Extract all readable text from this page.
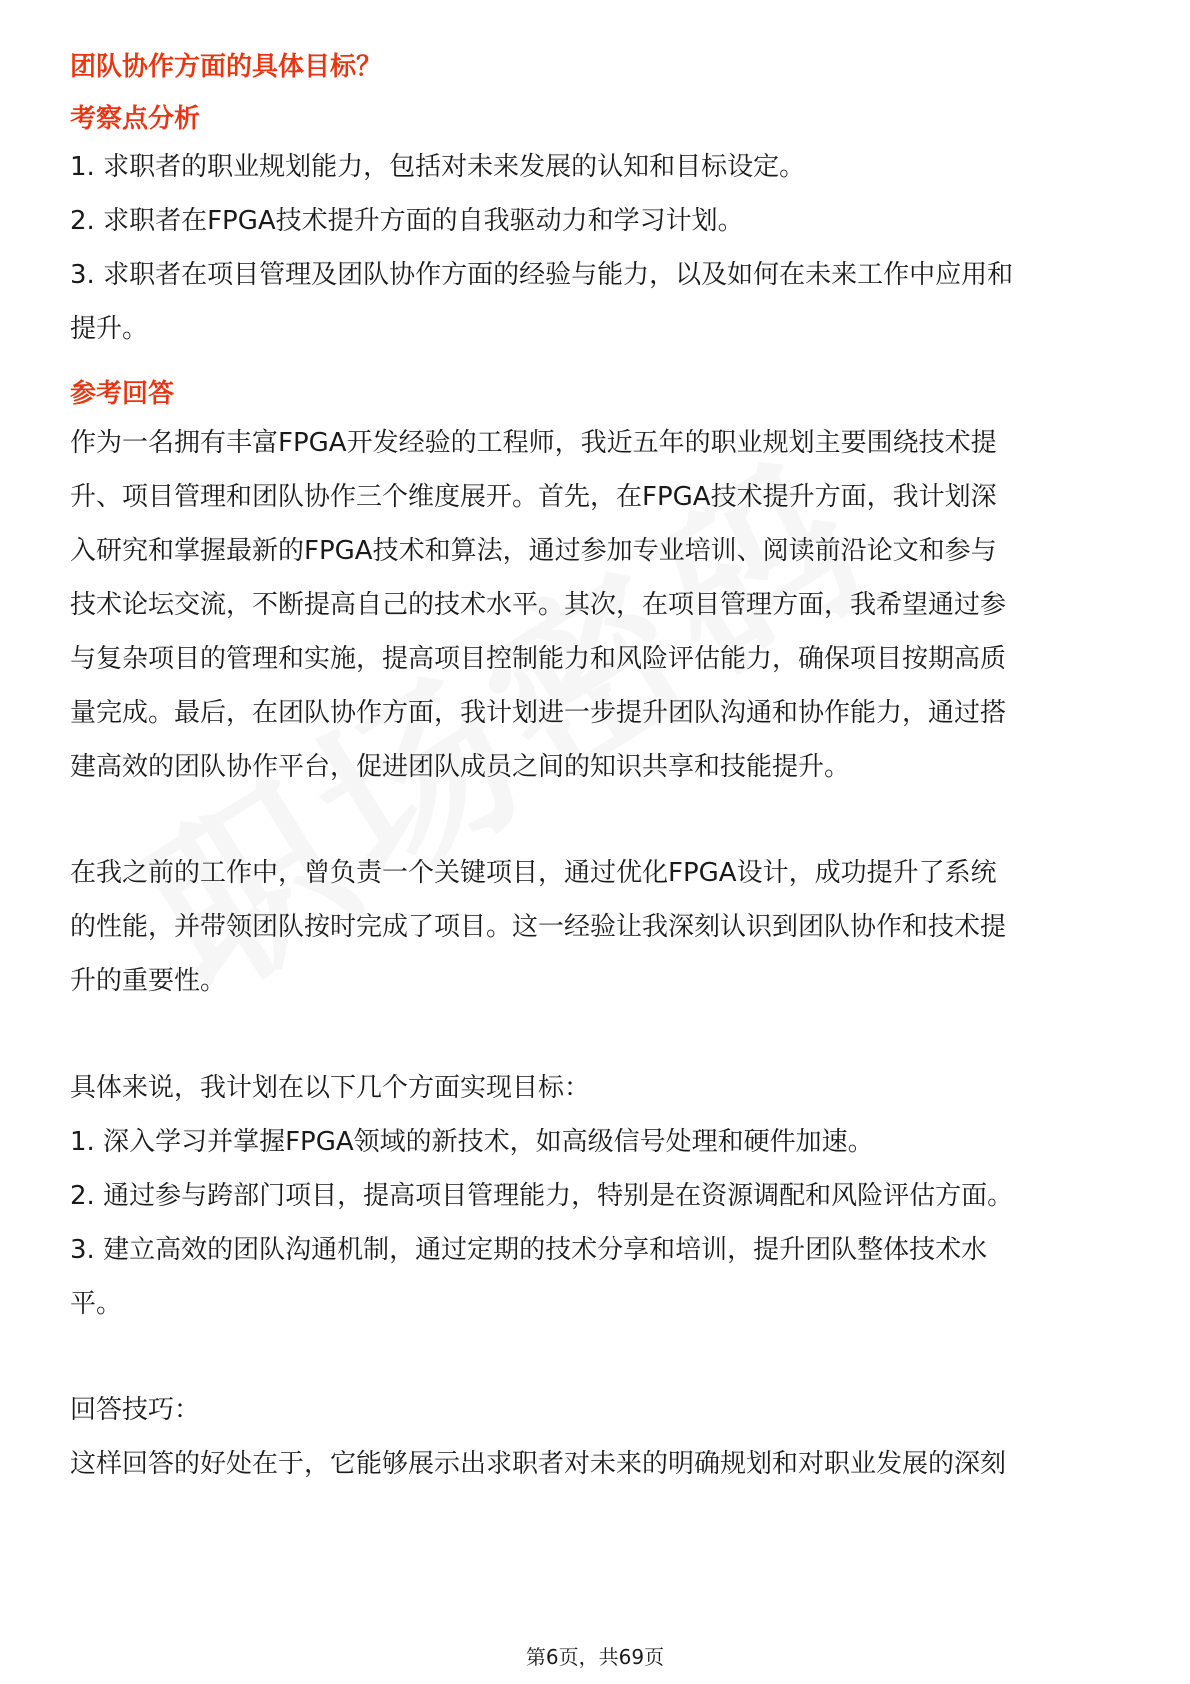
团队协作方面的具体目标？
考察点分析
1. 求职者的职业规划能力，包括对未来发展的认知和目标设定。
2. 求职者在FPGA技术提升方面的自我驱动力和学习计划。
3. 求职者在项目管理及团队协作方面的经验与能力，以及如何在未来工作中应用和
提升。
参考回答
作为一名拥有丰富FPGA开发经验的工程师，我近五年的职业规划主要围绕技术提
升、项目管理和团队协作三个维度展开。首先，在FPGA技术提升方面，我计划深
入研究和掌握最新的FPGA技术和算法，通过参加专业培训、阅读前沿论文和参与
技术论坛交流，不断提高自己的技术水平。其次，在项目管理方面，我希望通过参
与复杂项目的管理和实施，提高项目控制能力和风险评估能力，确保项目按期高质
量完成。最后，在团队协作方面，我计划进一步提升团队沟通和协作能力，通过搭
建高效的团队协作平台，促进团队成员之间的知识共享和技能提升。
在我之前的工作中，曾负责一个关键项目，通过优化FPGA设计，成功提升了系统
的性能，并带领团队按时完成了项目。这一经验让我深刻认识到团队协作和技术提
升的重要性。
具体来说，我计划在以下几个方面实现目标：
1. 深入学习并掌握FPGA领域的新技术，如高级信号处理和硬件加速。
2. 通过参与跨部门项目，提高项目管理能力，特别是在资源调配和风险评估方面。
3. 建立高效的团队沟通机制，通过定期的技术分享和培训，提升团队整体技术水
平。
回答技巧：
这样回答的好处在于，它能够展示出求职者对未来的明确规划和对职业发展的深刻
第6页，共69页
